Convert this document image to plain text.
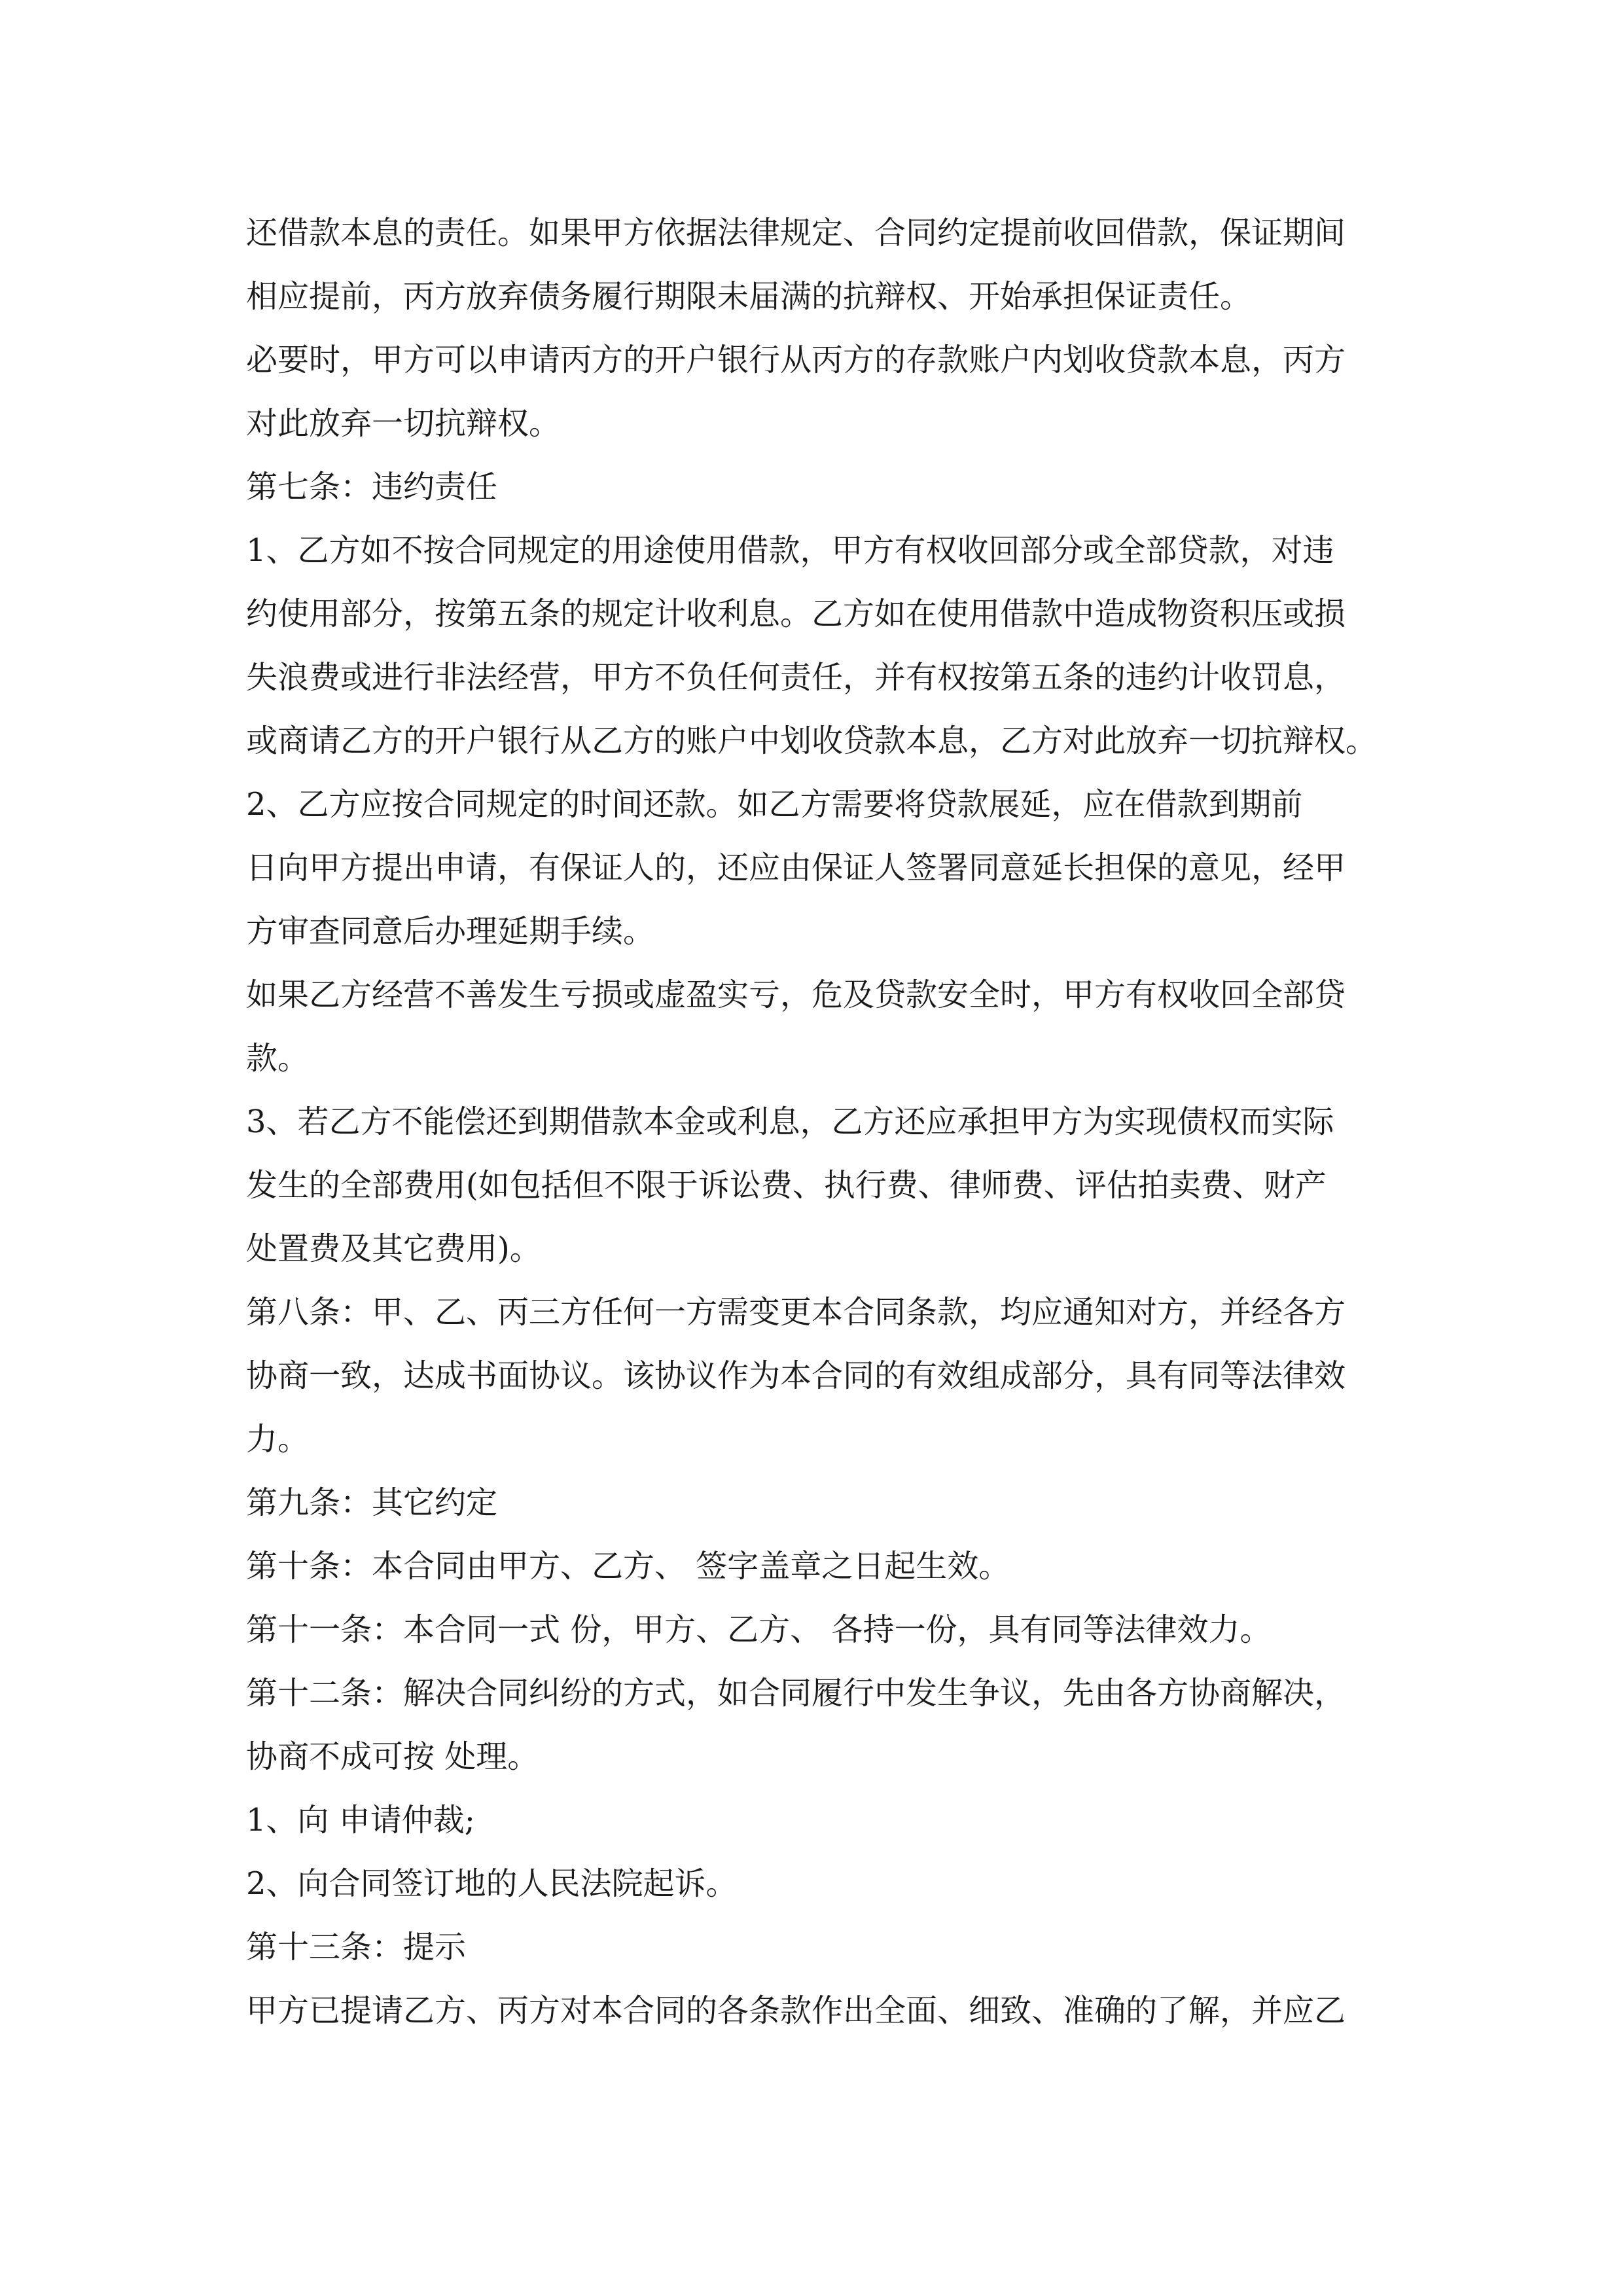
还借款本息的责任。如果甲方依据法律规定、合同约定提前收回借款，保证期间
相应提前，丙方放弃债务履行期限未届满的抗辩权、开始承担保证责任。
必要时，甲方可以申请丙方的开户银行从丙方的存款账户内划收贷款本息，丙方
对此放弃一切抗辩权。
第七条：违约责任
1、乙方如不按合同规定的用途使用借款，甲方有权收回部分或全部贷款，对违
约使用部分，按第五条的规定计收利息。乙方如在使用借款中造成物资积压或损
失浪费或进行非法经营，甲方不负任何责任，并有权按第五条的违约计收罚息，
或商请乙方的开户银行从乙方的账户中划收贷款本息，乙方对此放弃一切抗辩权。
2、乙方应按合同规定的时间还款。如乙方需要将贷款展延，应在借款到期前
日向甲方提出申请，有保证人的，还应由保证人签署同意延长担保的意见，经甲
方审查同意后办理延期手续。
如果乙方经营不善发生亏损或虚盈实亏，危及贷款安全时，甲方有权收回全部贷
款。
3、若乙方不能偿还到期借款本金或利息，乙方还应承担甲方为实现债权而实际
发生的全部费用(如包括但不限于诉讼费、执行费、律师费、评估拍卖费、财产
处置费及其它费用)。
第八条：甲、乙、丙三方任何一方需变更本合同条款，均应通知对方，并经各方
协商一致，达成书面协议。该协议作为本合同的有效组成部分，具有同等法律效
力。
第九条：其它约定
第十条：本合同由甲方、乙方、 签字盖章之日起生效。
第十一条：本合同一式 份，甲方、乙方、 各持一份，具有同等法律效力。
第十二条：解决合同纠纷的方式，如合同履行中发生争议，先由各方协商解决，
协商不成可按 处理。
1、向 申请仲裁;
2、向合同签订地的人民法院起诉。
第十三条：提示
甲方已提请乙方、丙方对本合同的各条款作出全面、细致、准确的了解，并应乙
